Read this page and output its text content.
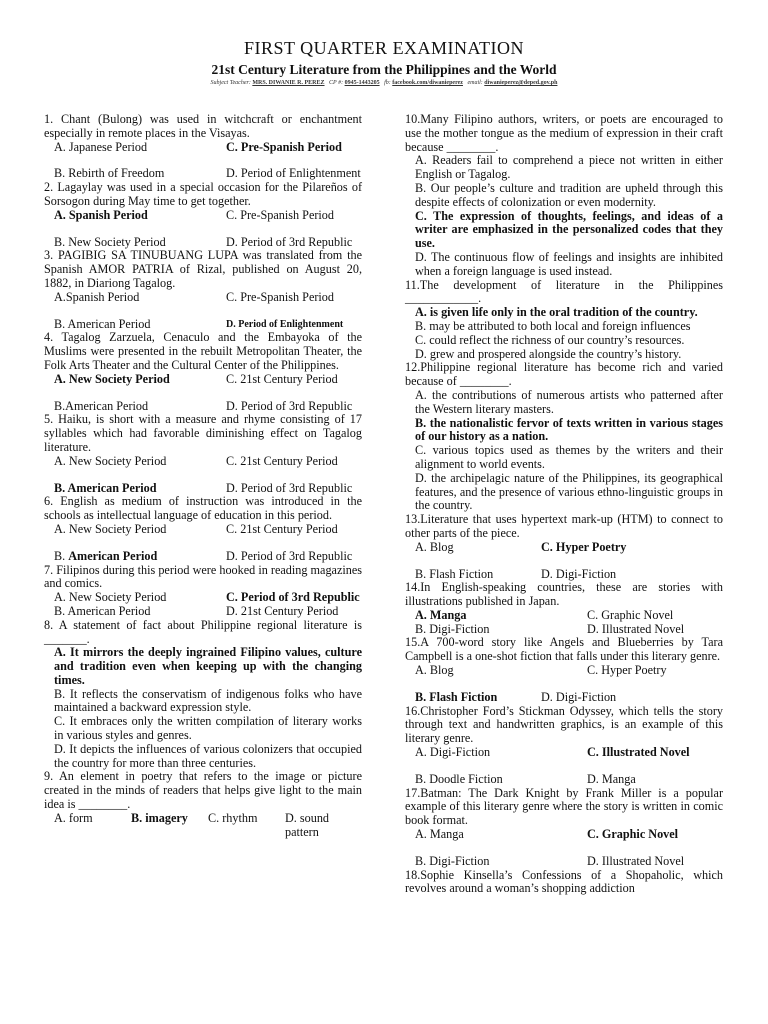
FIRST QUARTER EXAMINATION
21st Century Literature from the Philippines and the World
Subject Teacher: MRS. DIWANIE R. PEREZ CP #: 0945-1443205 fb: facebook.com/diwanieperez email: diwanieperez@deped.gov.ph
1. Chant (Bulong) was used in witchcraft or enchantment especially in remote places in the Visayas.
A. Japanese Period	C. Pre-Spanish Period
B. Rebirth of Freedom	D. Period of Enlightenment
2. Lagaylay was used in a special occasion for the Pilareños of Sorsogon during May time to get together.
A. Spanish Period	C. Pre-Spanish Period
B. New Society Period	D. Period of 3rd Republic
3. PAGIBIG SA TINUBUANG LUPA was translated from the Spanish AMOR PATRIA of Rizal, published on August 20, 1882, in Diariong Tagalog.
A.Spanish Period	C. Pre-Spanish Period
B. American Period	D. Period of Enlightenment
4. Tagalog Zarzuela, Cenaculo and the Embayoka of the Muslims were presented in the rebuilt Metropolitan Theater, the Folk Arts Theater and the Cultural Center of the Philippines.
A. New Society Period	C. 21st Century Period
B.American Period	D. Period of 3rd Republic
5. Haiku, is short with a measure and rhyme consisting of 17 syllables which had favorable diminishing effect on Tagalog literature.
A. New Society Period	C. 21st Century Period
B. American Period	D. Period of 3rd Republic
6. English as medium of instruction was introduced in the schools as intellectual language of education in this period.
A. New Society Period	C. 21st Century Period
B. American Period	D. Period of 3rd Republic
7. Filipinos during this period were hooked in reading magazines and comics.
A. New Society Period	C. Period of 3rd Republic
B. American Period	D. 21st Century Period
8. A statement of fact about Philippine regional literature is _______.
A. It mirrors the deeply ingrained Filipino values, culture and tradition even when keeping up with the changing times.
B. It reflects the conservatism of indigenous folks who have maintained a backward expression style.
C. It embraces only the written compilation of literary works in various styles and genres.
D. It depicts the influences of various colonizers that occupied the country for more than three centuries.
9. An element in poetry that refers to the image or picture created in the minds of readers that helps give light to the main idea is ________.
A. form	B. imagery	C. rhythm	D. sound pattern
10.Many Filipino authors, writers, or poets are encouraged to use the mother tongue as the medium of expression in their craft because ________.
A. Readers fail to comprehend a piece not written in either English or Tagalog.
B. Our people’s culture and tradition are upheld through this despite effects of colonization or even modernity.
C. The expression of thoughts, feelings, and ideas of a writer are emphasized in the personalized codes that they use.
D. The continuous flow of feelings and insights are inhibited when a foreign language is used instead.
11.The development of literature in the Philippines ____________.
A. is given life only in the oral tradition of the country.
B. may be attributed to both local and foreign influences
C. could reflect the richness of our country’s resources.
D. grew and prospered alongside the country’s history.
12.Philippine regional literature has become rich and varied because of ________.
A. the contributions of numerous artists who patterned after the Western literary masters.
B. the nationalistic fervor of texts written in various stages of our history as a nation.
C. various topics used as themes by the writers and their alignment to world events.
D. the archipelagic nature of the Philippines, its geographical features, and the presence of various ethno-linguistic groups in the country.
13.Literature that uses hypertext mark-up (HTM) to connect to other parts of the piece.
A. Blog	C. Hyper Poetry
B. Flash Fiction	D. Digi-Fiction
14.In English-speaking countries, these are stories with illustrations published in Japan.
A. Manga	C. Graphic Novel
B. Digi-Fiction	D. Illustrated Novel
15.A 700-word story like Angels and Blueberries by Tara Campbell is a one-shot fiction that falls under this literary genre.
A. Blog	C. Hyper Poetry
B. Flash Fiction	D. Digi-Fiction
16.Christopher Ford’s Stickman Odyssey, which tells the story through text and handwritten graphics, is an example of this literary genre.
A. Digi-Fiction	C. Illustrated Novel
B. Doodle Fiction	D. Manga
17.Batman: The Dark Knight by Frank Miller is a popular example of this literary genre where the story is written in comic book format.
A. Manga	C. Graphic Novel
B. Digi-Fiction	D. Illustrated Novel
18.Sophie Kinsella’s Confessions of a Shopaholic, which revolves around a woman’s shopping addiction
